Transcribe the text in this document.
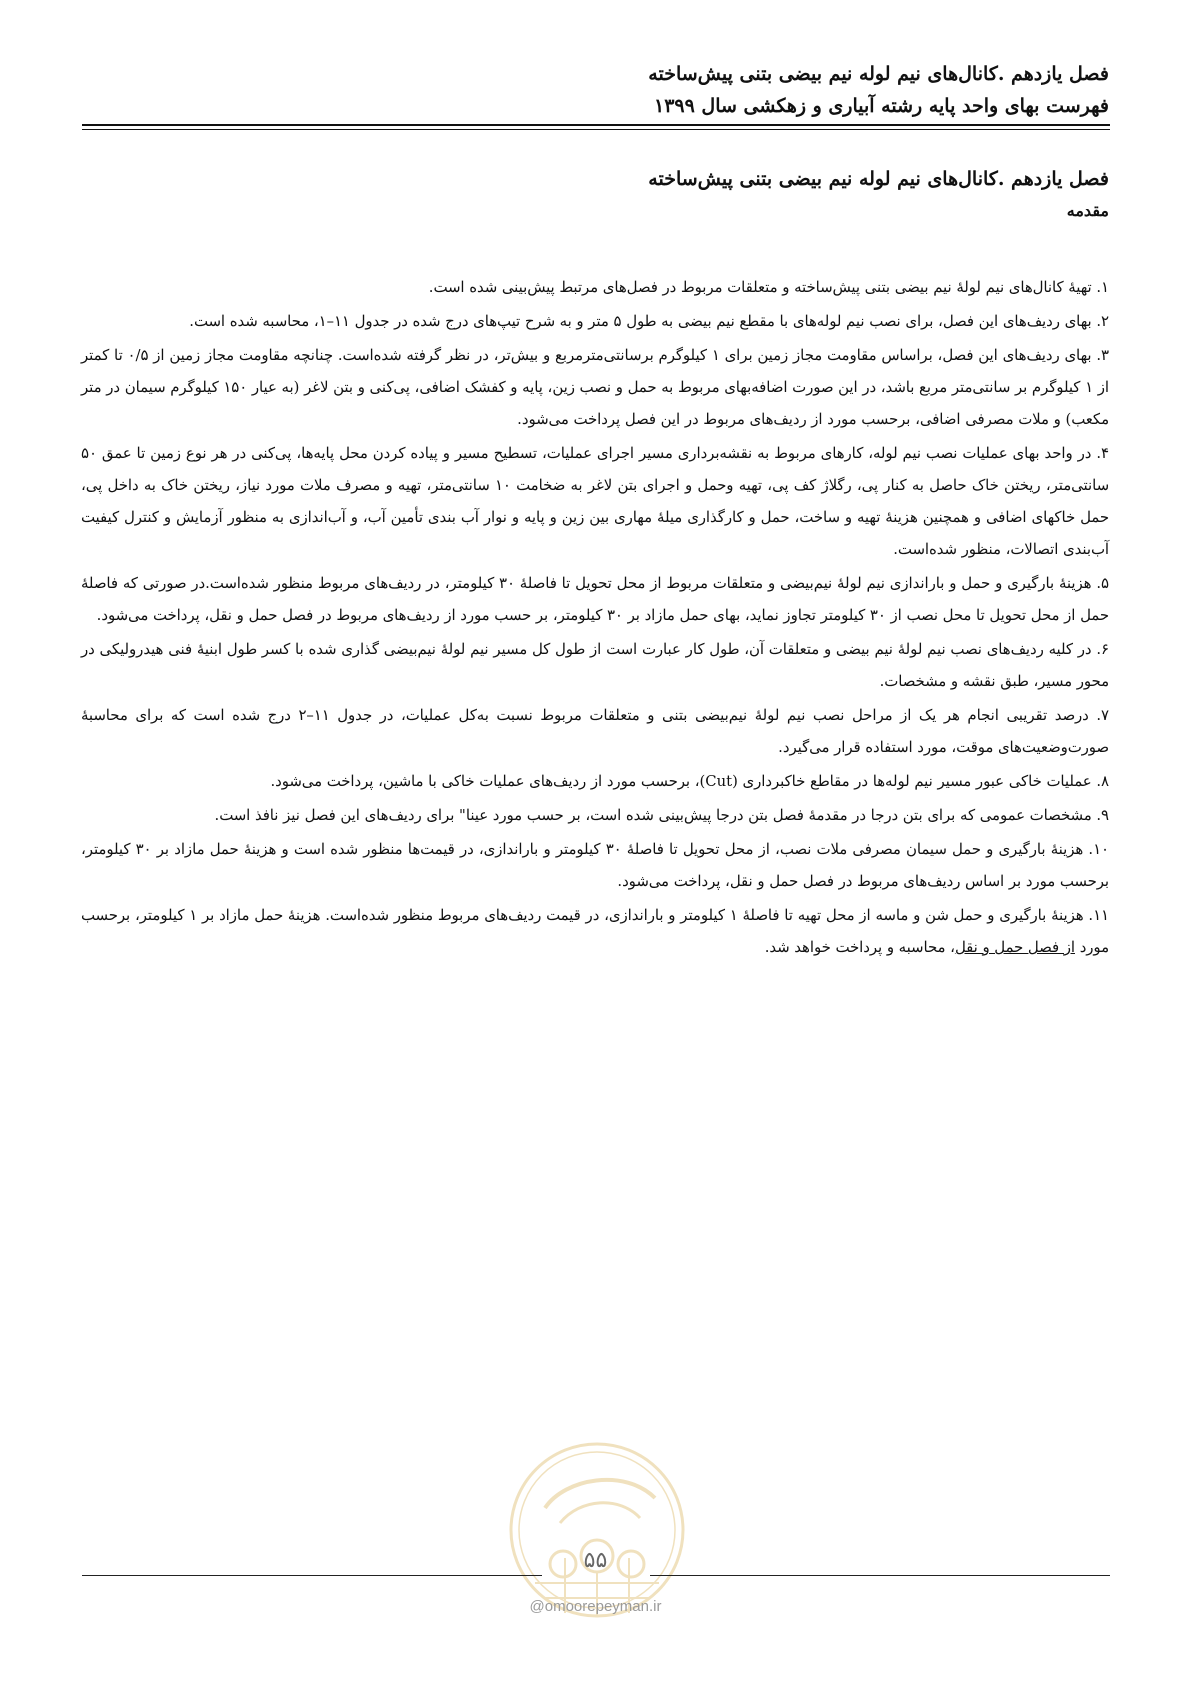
فصل یازدهم .کانال‌های نیم لوله نیم بیضی بتنی پیش‌ساخته
فهرست بهای واحد پایه رشته آبیاری و زهکشی سال ۱۳۹۹
فصل یازدهم .کانال‌های نیم لوله نیم بیضی بتنی پیش‌ساخته
مقدمه

۱. تهیهٔ کانال‌های نیم لولهٔ نیم بیضی بتنی پیش‌ساخته و متعلقات مربوط در فصل‌های مرتبط پیش‌بینی شده است.

۲. بهای ردیف‌های این فصل، برای نصب نیم لوله‌های با مقطع نیم بیضی به طول ۵ متر و به شرح تیپ‌های درج شده در جدول ۱۱–۱، محاسبه شده است.

۳. بهای ردیف‌های این فصل، براساس مقاومت مجاز زمین برای ۱ کیلوگرم برسانتی‌مترمربع و بیش‌تر، در نظر گرفته شده‌است. چنانچه مقاومت مجاز زمین از ۰/۵ تا کمتر از ۱ کیلوگرم بر سانتی‌متر مربع باشد، در این صورت اضافه‌بهای مربوط به حمل و نصب زین، پایه و کفشک اضافی، پی‌کنی و بتن لاغر (به عیار ۱۵۰ کیلوگرم سیمان در متر مکعب) و ملات مصرفی اضافی، برحسب مورد از ردیف‌های مربوط در این فصل پرداخت می‌شود.

۴. در واحد بهای عملیات نصب نیم لوله، کارهای مربوط به نقشه‌برداری مسیر اجرای عملیات، تسطیح مسیر و پیاده کردن محل پایه‌ها، پی‌کنی در هر نوع زمین تا عمق ۵۰ سانتی‌متر، ریختن خاک حاصل به کنار پی، رگلاژ کف پی، تهیه وحمل و اجرای بتن لاغر به ضخامت ۱۰ سانتی‌متر، تهیه و مصرف ملات مورد نیاز، ریختن خاک به داخل پی، حمل خاکهای اضافی و همچنین هزینهٔ تهیه و ساخت، حمل و کارگذاری میلهٔ مهاری بین زین و پایه و نوار آب بندی تأمین آب، و آب‌اندازی به منظور آزمایش و کنترل کیفیت آب‌بندی اتصالات، منظور شده‌است.

۵. هزینهٔ بارگیری و حمل و باراندازی نیم لولهٔ نیم‌بیضی و متعلقات مربوط از محل تحویل تا فاصلهٔ ۳۰ کیلومتر، در ردیف‌های مربوط منظور شده‌است.در صورتی که فاصلهٔ حمل از محل تحویل تا محل نصب از ۳۰ کیلومتر تجاوز نماید، بهای حمل مازاد بر ۳۰ کیلومتر، بر حسب مورد از ردیف‌های مربوط در فصل حمل و نقل، پرداخت می‌شود.

۶. در کلیه ردیف‌های نصب نیم لولهٔ نیم بیضی و متعلقات آن، طول کار عبارت است از طول کل مسیر نیم لولهٔ نیم‌بیضی گذاری شده با کسر طول ابنیهٔ فنی هیدرولیکی در محور مسیر، طبق نقشه و مشخصات.

۷. درصد تقریبی انجام هر یک از مراحل نصب نیم لولهٔ نیم‌بیضی بتنی و متعلقات مربوط نسبت به‌کل عملیات، در جدول ۱۱–۲ درج شده است که برای محاسبهٔ صورت‌وضعیت‌های موقت، مورد استفاده قرار می‌گیرد.

۸. عملیات خاکی عبور مسیر نیم لوله‌ها در مقاطع خاکبرداری (Cut)، برحسب مورد از ردیف‌های عملیات خاکی با ماشین، پرداخت می‌شود.

۹. مشخصات عمومی که برای بتن درجا در مقدمهٔ فصل بتن درجا پیش‌بینی شده است، بر حسب مورد عینا" برای ردیف‌های این فصل نیز نافذ است.

۱۰. هزینهٔ بارگیری و حمل سیمان مصرفی ملات نصب، از محل تحویل تا فاصلهٔ ۳۰ کیلومتر و باراندازی، در قیمت‌ها منظور شده است و هزینهٔ حمل مازاد بر ۳۰ کیلومتر، برحسب مورد بر اساس ردیف‌های مربوط در فصل حمل و نقل، پرداخت می‌شود.

۱۱. هزینهٔ بارگیری و حمل شن و ماسه از محل تهیه تا فاصلهٔ ۱ کیلومتر و باراندازی، در قیمت ردیف‌های مربوط منظور شده‌است. هزینهٔ حمل مازاد بر ۱ کیلومتر، برحسب مورد از فصل حمل و نقل، محاسبه و پرداخت خواهد شد.

۵۵
@omoorepeyman.ir
